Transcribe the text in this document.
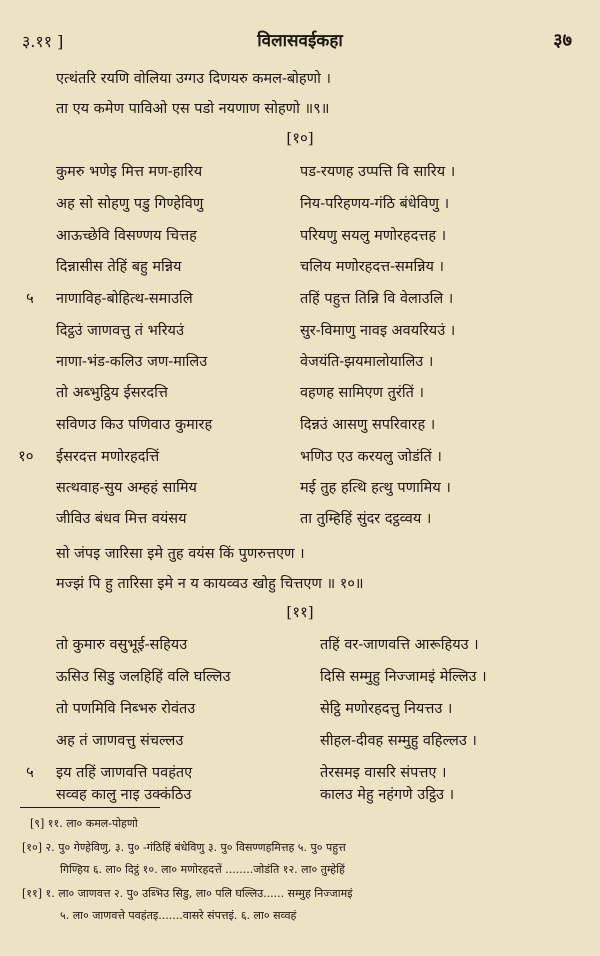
३.११ ]	विलासवईकहा	३७
एत्थंतरि रयणि वोलिया उग्गउ दिणयरु कमल-बोहणो ।
ता एय कमेण पाविओ एस पडो नयणाण सोहणो ॥९॥
[१०]
कुमरु भणेइ मित्त मण-हारिय	पड-रयणह उप्पत्ति वि सारिय ।
अह सो सोहणु पडु गिण्हेविणु	निय-परिहणय-गंठि बंधेविणु ।
आऊच्छेवि विसण्णय चित्तह	परियणु सयलु मणोरहदत्तह ।
दिन्नासीस तेहिं बहु मन्निय	चलिय मणोरहदत्त-समन्निय ।
५ नाणाविह-बोहित्थ-समाउलि	तहिं पहुत्त तिन्नि वि वेलाउलि ।
दिट्ठउं जाणवत्तु तं भरियउं	सुर-विमाणु नावइ अवयरियउं ।
नाणा-भंड-कलिउ जण-मालिउ	वेजयंति-झयमालोयालिउ ।
तो अब्भुट्ठिय ईसरदत्ति	वहणह सामिएण तुरंतिं ।
सविणउ किउ पणिवाउ कुमारह	दिन्नउं आसणु सपरिवारह ।
१० ईसरदत्त मणोरहदत्तिं	भणिउ एउ करयलु जोडंतिं ।
सत्थवाह-सुय अम्हहं सामिय	मई तुह हत्थि हत्थु पणामिय ।
जीविउ बंधव मित्त वयंसय	ता तुम्हिहिं सुंदर दट्ठव्वय ।
सो जंपइ जारिसा इमे तुह वयंस किं पुणरुत्तएण ।
मज्झं पि हु तारिसा इमे न य कायव्वउ खोहु चित्तएण ॥ १०॥
[११]
तो कुमारु वसुभूई-सहियउ	तहिं वर-जाणवत्ति आरूहियउ ।
ऊसिउ सिडु जलहिहिं वलि घल्लिउ	दिसि सम्मुहु निज्जामइं मेल्लिउ ।
तो पणमिवि निब्भरु रोवंतउ	सेट्ठि मणोरहदत्तु नियत्तउ ।
अह तं जाणवत्तु संचल्लउ	सीहल-दीवह सम्मुहु वहिल्लउ ।
५ इय तहिं जाणवत्ति पवहंतए	तेरसमइ वासरि संपत्तए ।
सव्वह कालु नाइ उक्कंठिउ	कालउ मेहु नहंगणे उट्ठिउ ।
[९] ११. ला० कमल-पोहणो
[१०] २. पु० गेण्हेविणु, ३. पु० -गंठिहिं बंधेविणु ३. पु० विसण्णहमित्तह ५. पु० पहुत्त
गिण्हिय ६. ला० दिट्ठं १०. ला० मणोरहदत्तें ........जोडंति १२. ला० तुम्हेहिं
[११] १. ला० जाणवत्त २. पु० उब्भिउ सिडु, ला० पलि घल्लिउ...... सम्मुह निज्जामइं
५. ला० जाणवत्ते पवहंतइ.......वासरे संपत्तइं. ६. ला० सव्वहं
